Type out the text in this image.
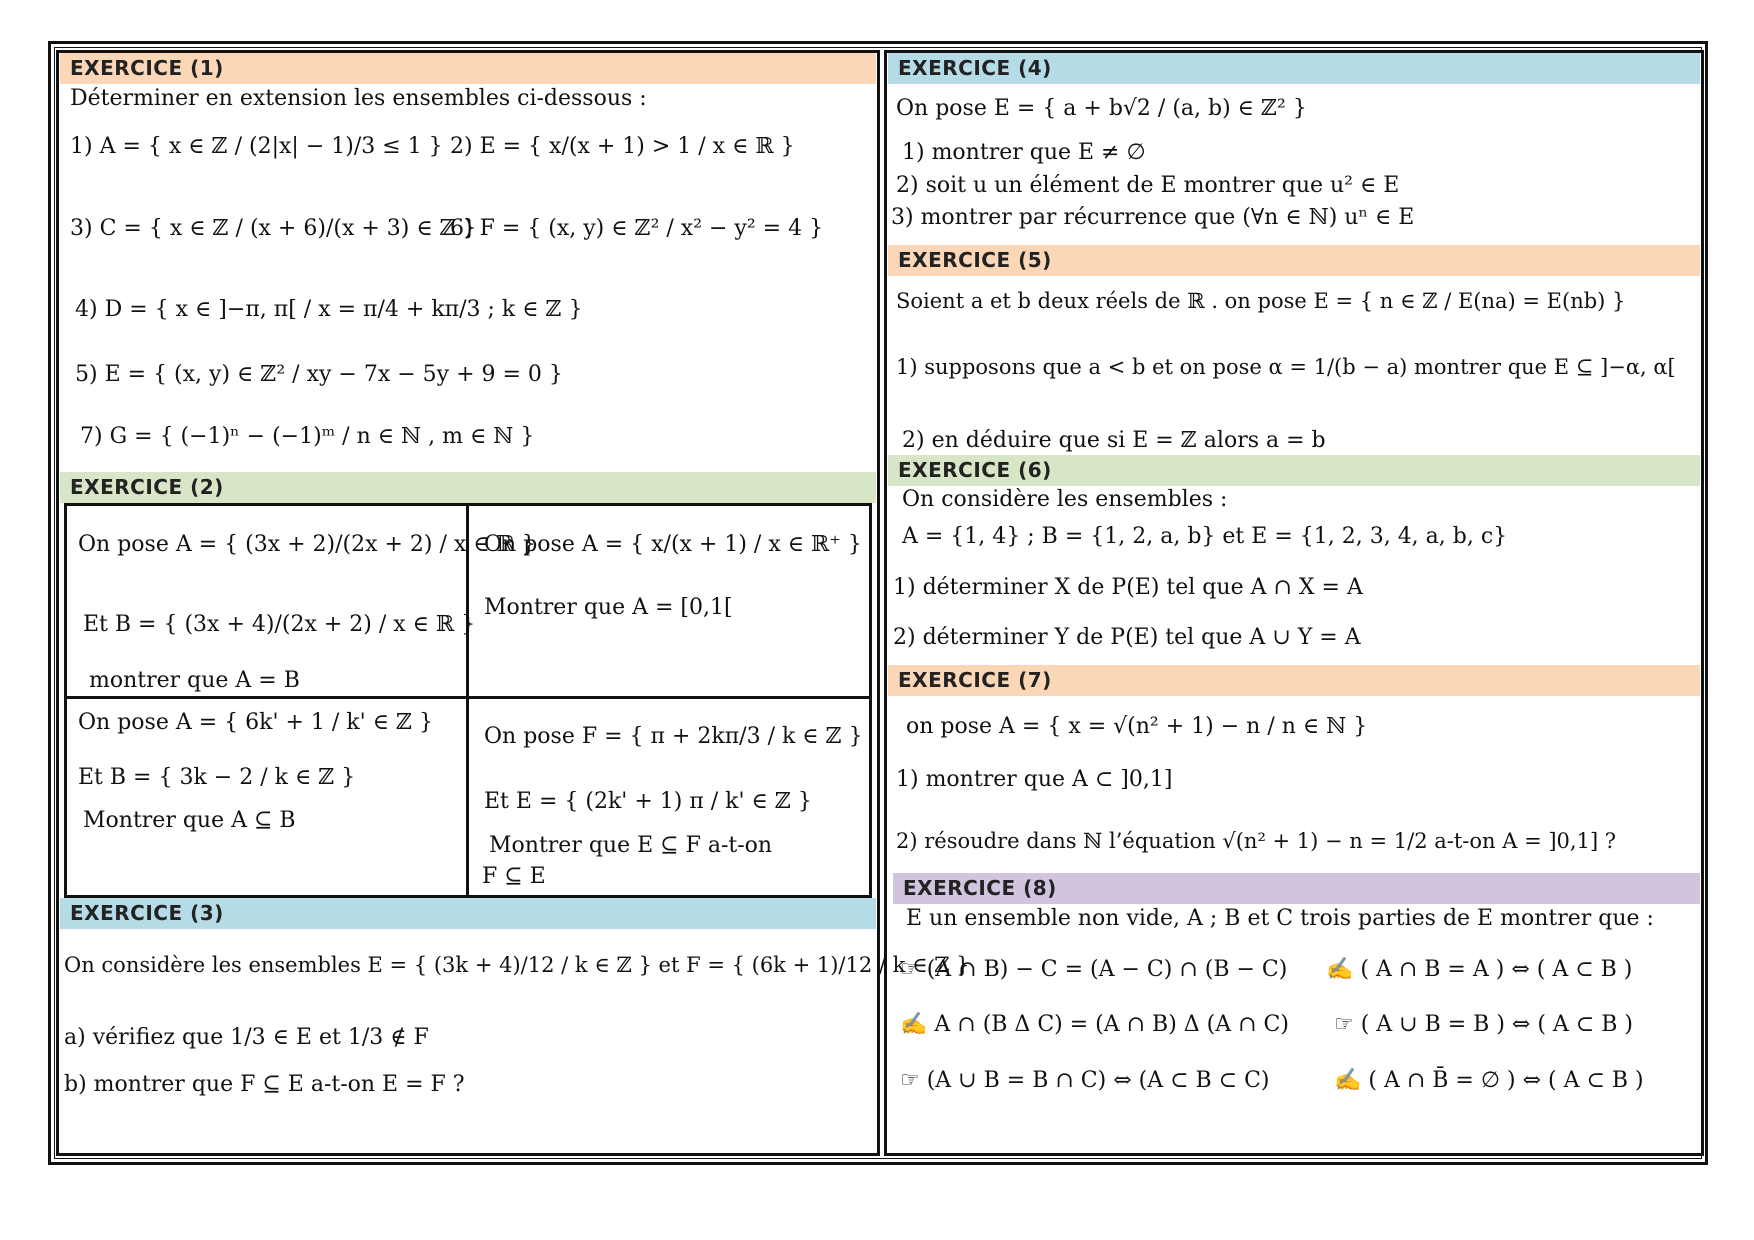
EXERCICE (1)
Déterminer en extension les ensembles ci-dessous :
1) A = { x ∈ ℤ / (2|x| − 1)/3 ≤ 1 } 2) E = { x/(x + 1) > 1 / x ∈ ℝ }
3) C = { x ∈ ℤ / (x + 6)/(x + 3) ∈ ℤ }
6) F = { (x, y) ∈ ℤ² / x² − y² = 4 }
4) D = { x ∈ ]−π, π[ / x = π/4 + kπ/3 ; k ∈ ℤ }
5) E = { (x, y) ∈ ℤ² / xy − 7x − 5y + 9 = 0 }
7) G = { (−1)ⁿ − (−1)ᵐ / n ∈ ℕ , m ∈ ℕ }
EXERCICE (2)
On pose A = { (3x + 2)/(2x + 2) / x ∈ ℝ }
Et B = { (3x + 4)/(2x + 2) / x ∈ ℝ }
montrer que A = B
On pose A = { x/(x + 1) / x ∈ ℝ⁺ }
Montrer que A = [0,1[
On pose A = { 6k' + 1 / k' ∈ ℤ }
Et B = { 3k − 2 / k ∈ ℤ }
Montrer que A ⊆ B
On pose F = { π + 2kπ/3 / k ∈ ℤ }
Et E = { (2k' + 1) π / k' ∈ ℤ }
Montrer que E ⊆ F a-t-on
F ⊆ E
EXERCICE (3)
On considère les ensembles E = { (3k + 4)/12 / k ∈ ℤ } et F = { (6k + 1)/12 / k ∈ ℤ }
a) vérifiez que 1/3 ∈ E et 1/3 ∉ F
b) montrer que F ⊆ E a-t-on E = F ?
EXERCICE (4)
On pose E = { a + b√2 / (a, b) ∈ ℤ² }
1) montrer que E ≠ ∅
2) soit u un élément de E montrer que u² ∈ E
3) montrer par récurrence que (∀n ∈ ℕ) uⁿ ∈ E
EXERCICE (5)
Soient a et b deux réels de ℝ . on pose E = { n ∈ ℤ / E(na) = E(nb) }
1) supposons que a < b et on pose α = 1/(b − a) montrer que E ⊆ ]−α, α[
2) en déduire que si E = ℤ alors a = b
EXERCICE (6)
On considère les ensembles :
A = {1, 4} ; B = {1, 2, a, b} et E = {1, 2, 3, 4, a, b, c}
1) déterminer X de P(E) tel que A ∩ X = A
2) déterminer Y de P(E) tel que A ∪ Y = A
EXERCICE (7)
on pose A = { x = √(n² + 1) − n / n ∈ ℕ }
1) montrer que A ⊂ ]0,1]
2) résoudre dans ℕ l’équation √(n² + 1) − n = 1/2 a-t-on A = ]0,1] ?
EXERCICE (8)
E un ensemble non vide, A ; B et C trois parties de E montrer que :
☞ (A ∩ B) − C = (A − C) ∩ (B − C) ✍ ( A ∩ B = A ) ⇔ ( A ⊂ B )
✍ A ∩ (B Δ C) = (A ∩ B) Δ (A ∩ C) ☞ ( A ∪ B = B ) ⇔ ( A ⊂ B )
☞ (A ∪ B = B ∩ C) ⇔ (A ⊂ B ⊂ C)	✍ ( A ∩ B̄ = ∅ ) ⇔ ( A ⊂ B )
